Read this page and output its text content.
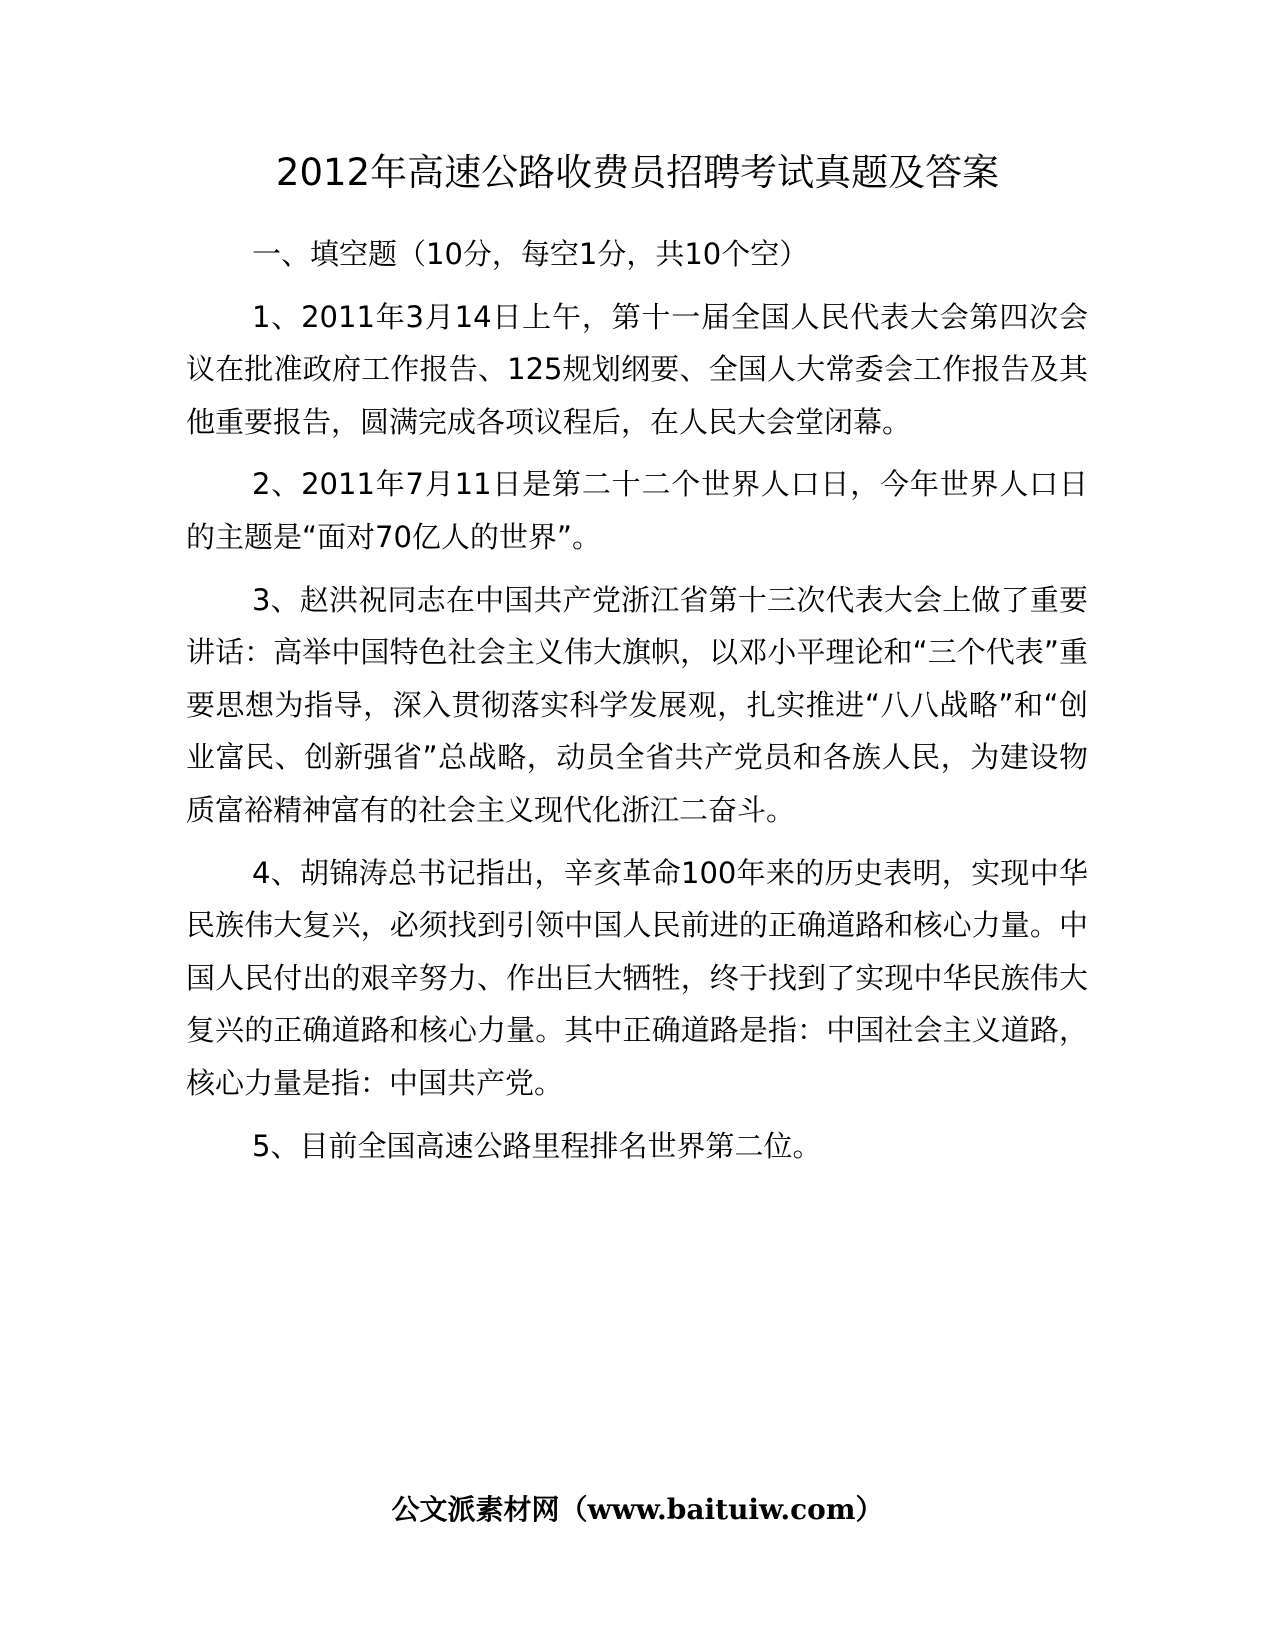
2012年高速公路收费员招聘考试真题及答案

一、填空题（10分，每空1分，共10个空）

1、2011年3月14日上午，第十一届全国人民代表大会第四次会议在批准政府工作报告、125规划纲要、全国人大常委会工作报告及其他重要报告，圆满完成各项议程后，在人民大会堂闭幕。

2、2011年7月11日是第二十二个世界人口日，今年世界人口日的主题是“面对70亿人的世界”。

3、赵洪祝同志在中国共产党浙江省第十三次代表大会上做了重要讲话：高举中国特色社会主义伟大旗帜，以邓小平理论和“三个代表”重要思想为指导，深入贯彻落实科学发展观，扎实推进“八八战略”和“创业富民、创新强省”总战略，动员全省共产党员和各族人民，为建设物质富裕精神富有的社会主义现代化浙江二奋斗。

4、胡锦涛总书记指出，辛亥革命100年来的历史表明，实现中华民族伟大复兴，必须找到引领中国人民前进的正确道路和核心力量。中国人民付出的艰辛努力、作出巨大牺牲，终于找到了实现中华民族伟大复兴的正确道路和核心力量。其中正确道路是指：中国社会主义道路，核心力量是指：中国共产党。

5、目前全国高速公路里程排名世界第二位。

公文派素材网（www.baituiw.com）
